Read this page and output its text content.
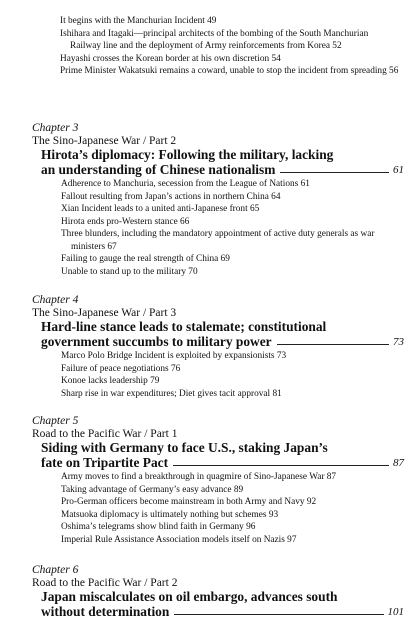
It begins with the Manchurian Incident 49
Ishihara and Itagaki—principal architects of the bombing of the South Manchurian Railway line and the deployment of Army reinforcements from Korea 52
Hayashi crosses the Korean border at his own discretion 54
Prime Minister Wakatsuki remains a coward, unable to stop the incident from spreading 56
Chapter 3
The Sino-Japanese War / Part 2
Hirota’s diplomacy: Following the military, lacking
an understanding of Chinese nationalism	61
Adherence to Manchuria, secession from the League of Nations 61
Fallout resulting from Japan’s actions in northern China 64
Xian Incident leads to a united anti-Japanese front 65
Hirota ends pro-Western stance 66
Three blunders, including the mandatory appointment of active duty generals as war ministers 67
Failing to gauge the real strength of China 69
Unable to stand up to the military 70
Chapter 4
The Sino-Japanese War / Part 3
Hard-line stance leads to stalemate; constitutional
government succumbs to military power	73
Marco Polo Bridge Incident is exploited by expansionists 73
Failure of peace negotiations 76
Konoe lacks leadership 79
Sharp rise in war expenditures; Diet gives tacit approval 81
Chapter 5
Road to the Pacific War / Part 1
Siding with Germany to face U.S., staking Japan’s
fate on Tripartite Pact	87
Army moves to find a breakthrough in quagmire of Sino-Japanese War 87
Taking advantage of Germany’s easy advance 89
Pro-German officers become mainstream in both Army and Navy 92
Matsuoka diplomacy is ultimately nothing but schemes 93
Oshima’s telegrams show blind faith in Germany 96
Imperial Rule Assistance Association models itself on Nazis 97
Chapter 6
Road to the Pacific War / Part 2
Japan miscalculates on oil embargo, advances south
without determination	101
